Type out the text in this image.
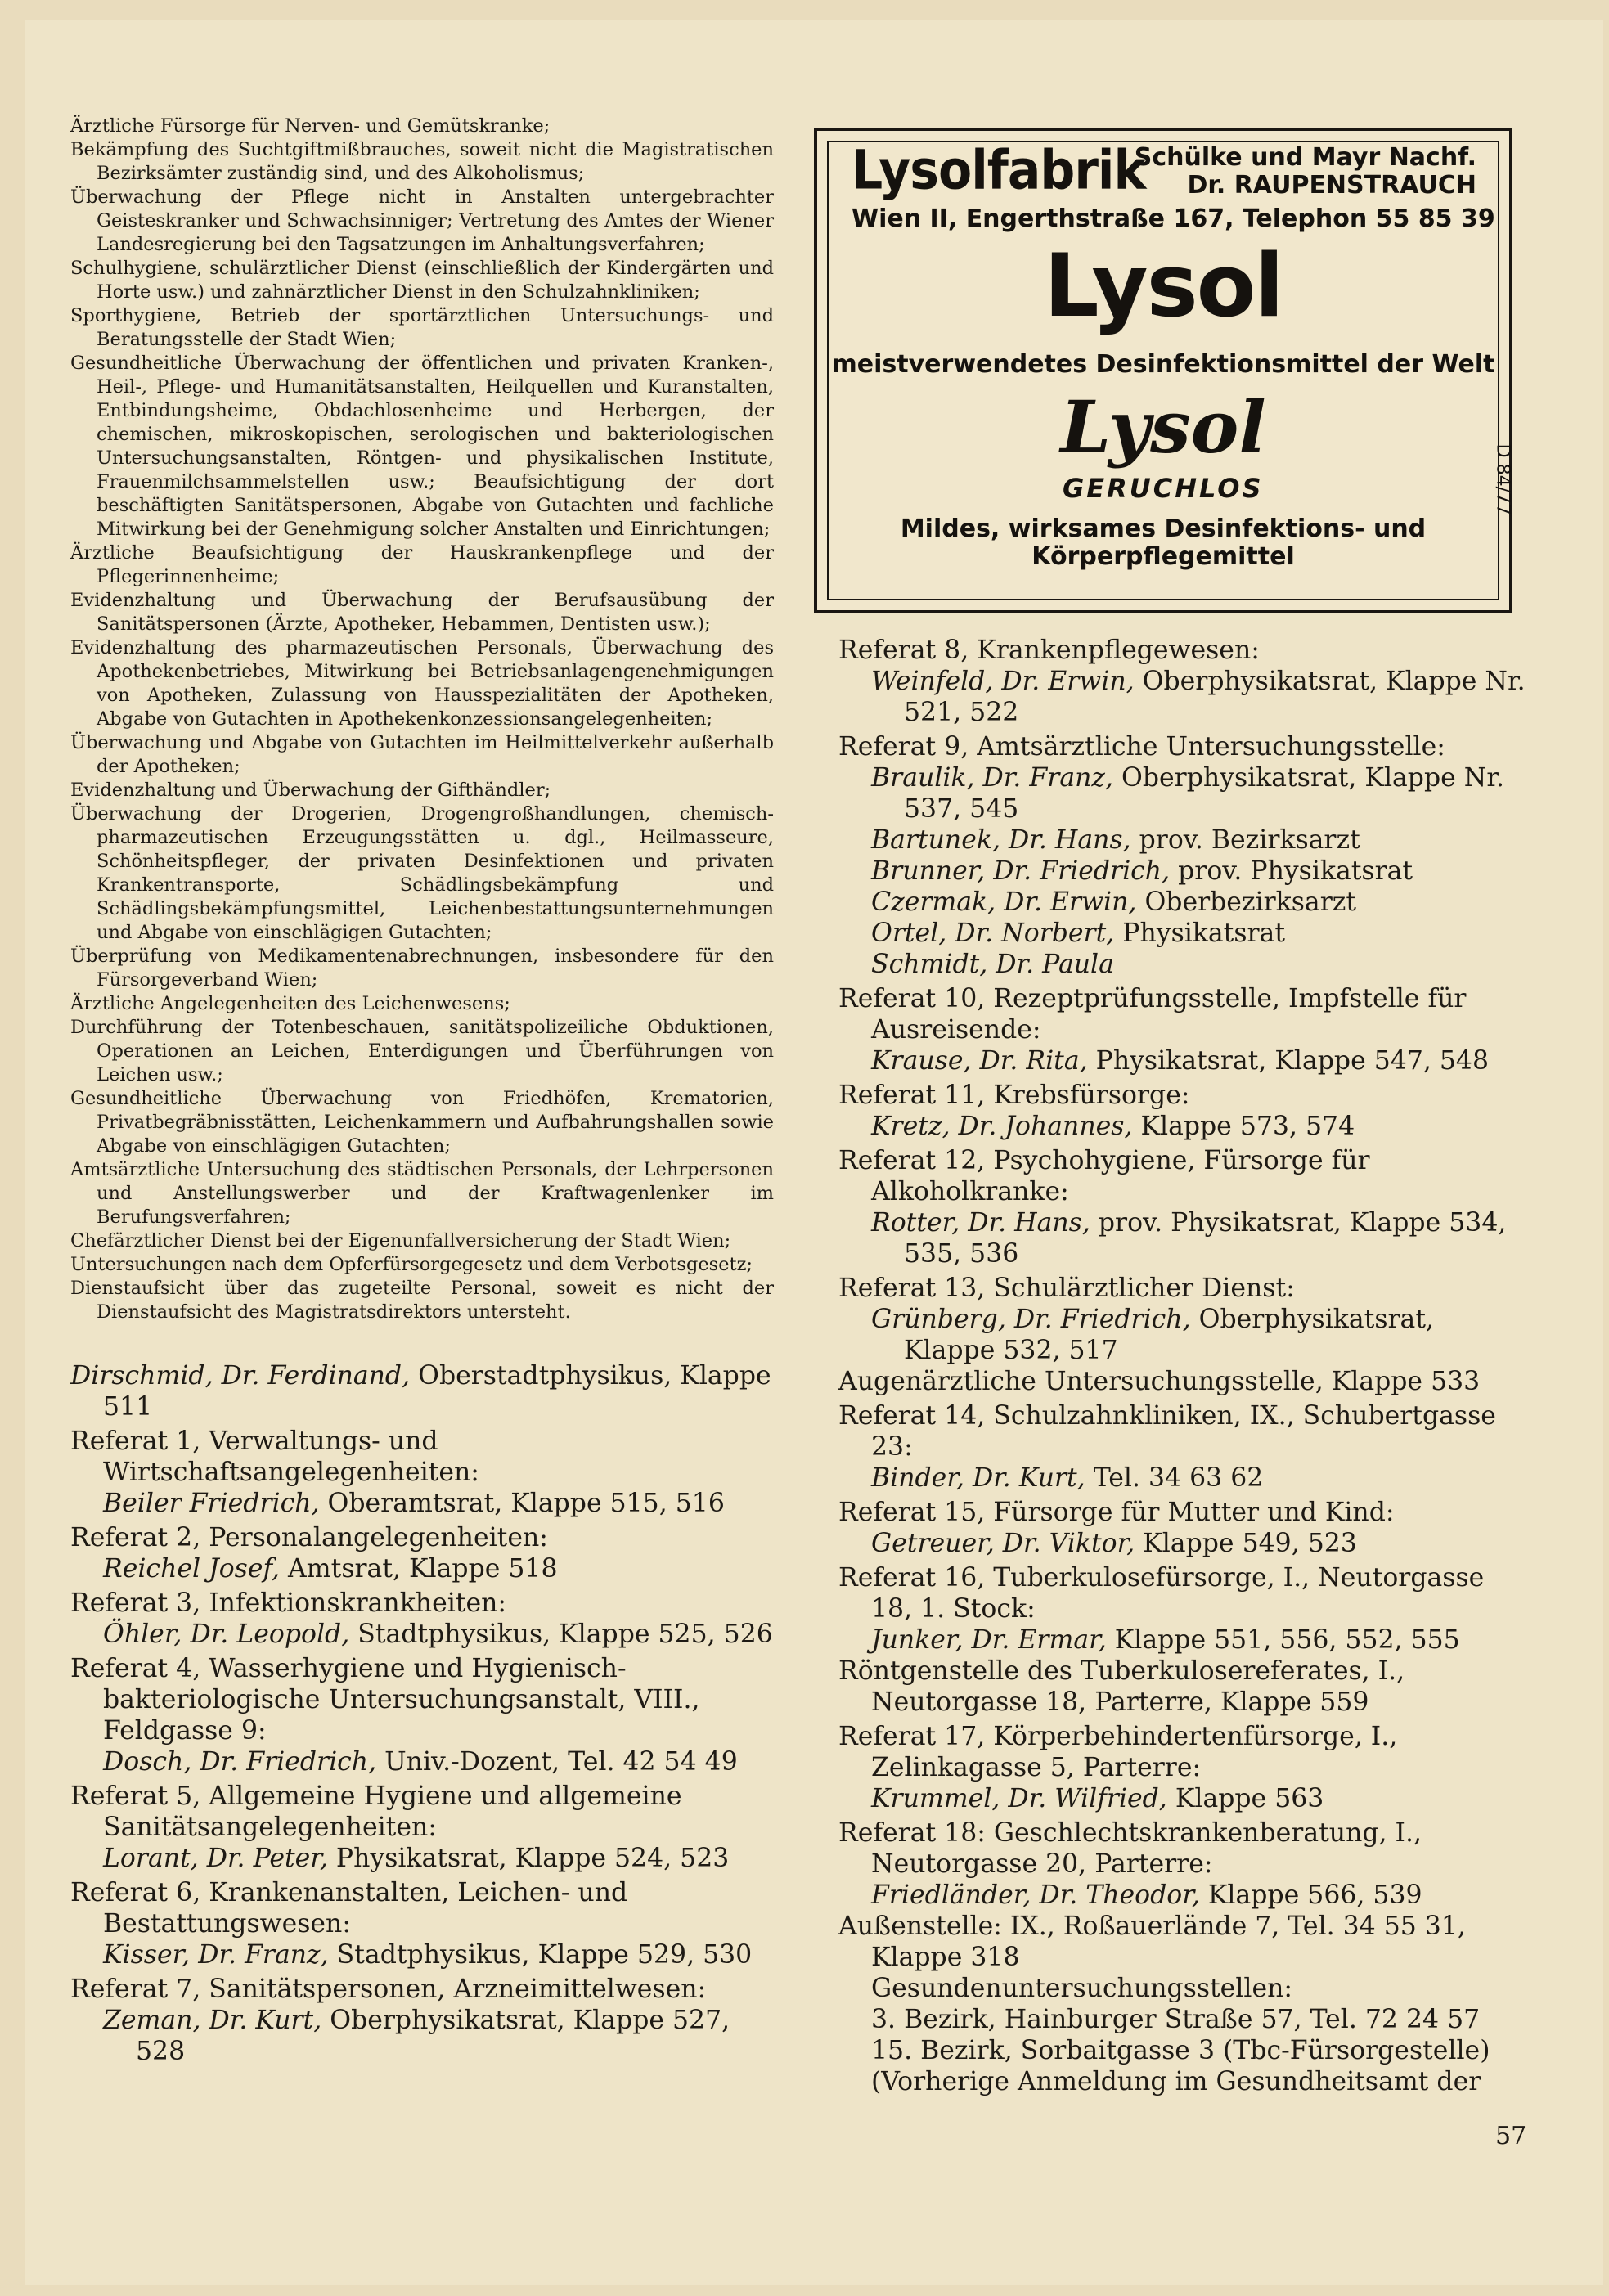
Ärztliche Fürsorge für Nerven- und Gemütskranke;

Bekämpfung des Suchtgiftmißbrauches, soweit nicht die Magistratischen Bezirksämter zuständig sind, und des Alkoholismus;

Überwachung der Pflege nicht in Anstalten untergebrachter Geisteskranker und Schwachsinniger; Vertretung des Amtes der Wiener Landesregierung bei den Tagsatzungen im Anhaltungsverfahren;

Schulhygiene, schulärztlicher Dienst (einschließlich der Kindergärten und Horte usw.) und zahnärztlicher Dienst in den Schulzahnkliniken;

Sporthygiene, Betrieb der sportärztlichen Untersuchungs- und Beratungsstelle der Stadt Wien;

Gesundheitliche Überwachung der öffentlichen und privaten Kranken-, Heil-, Pflege- und Humanitätsanstalten, Heilquellen und Kuranstalten, Entbindungsheime, Obdachlosenheime und Herbergen, der chemischen, mikroskopischen, serologischen und bakteriologischen Untersuchungsanstalten, Röntgen- und physikalischen Institute, Frauenmilchsammelstellen usw.; Beaufsichtigung der dort beschäftigten Sanitätspersonen, Abgabe von Gutachten und fachliche Mitwirkung bei der Genehmigung solcher Anstalten und Einrichtungen;

Ärztliche Beaufsichtigung der Hauskrankenpflege und der Pflegerinnenheime;

Evidenzhaltung und Überwachung der Berufsausübung der Sanitätspersonen (Ärzte, Apotheker, Hebammen, Dentisten usw.);

Evidenzhaltung des pharmazeutischen Personals, Überwachung des Apothekenbetriebes, Mitwirkung bei Betriebsanlagengenehmigungen von Apotheken, Zulassung von Hausspezialitäten der Apotheken, Abgabe von Gutachten in Apothekenkonzessionsangelegenheiten;

Überwachung und Abgabe von Gutachten im Heilmittelverkehr außerhalb der Apotheken;

Evidenzhaltung und Überwachung der Gifthändler;

Überwachung der Drogerien, Drogengroßhandlungen, chemisch-pharmazeutischen Erzeugungsstätten u. dgl., Heilmasseure, Schönheitspfleger, der privaten Desinfektionen und privaten Krankentransporte, Schädlingsbekämpfung und Schädlingsbekämpfungsmittel, Leichenbestattungsunternehmungen und Abgabe von einschlägigen Gutachten;

Überprüfung von Medikamentenabrechnungen, insbesondere für den Fürsorgeverband Wien;

Ärztliche Angelegenheiten des Leichenwesens;

Durchführung der Totenbeschauen, sanitätspolizeiliche Obduktionen, Operationen an Leichen, Enterdigungen und Überführungen von Leichen usw.;

Gesundheitliche Überwachung von Friedhöfen, Krematorien, Privatbegräbnisstätten, Leichenkammern und Aufbahrungshallen sowie Abgabe von einschlägigen Gutachten;

Amtsärztliche Untersuchung des städtischen Personals, der Lehrpersonen und Anstellungswerber und der Kraftwagenlenker im Berufungsverfahren;

Chefärztlicher Dienst bei der Eigenunfallversicherung der Stadt Wien;

Untersuchungen nach dem Opferfürsorgegesetz und dem Verbotsgesetz;

Dienstaufsicht über das zugeteilte Personal, soweit es nicht der Dienstaufsicht des Magistratsdirektors untersteht.

Dirschmid, Dr. Ferdinand, Oberstadtphysikus, Klappe 511

Referat 1, Verwaltungs- und Wirtschaftsangelegenheiten:

Beiler Friedrich, Oberamtsrat, Klappe 515, 516

Referat 2, Personalangelegenheiten:

Reichel Josef, Amtsrat, Klappe 518

Referat 3, Infektionskrankheiten:

Öhler, Dr. Leopold, Stadtphysikus, Klappe 525, 526

Referat 4, Wasserhygiene und Hygienisch-bakteriologische Untersuchungsanstalt, VIII., Feldgasse 9:

Dosch, Dr. Friedrich, Univ.-Dozent, Tel. 42 54 49

Referat 5, Allgemeine Hygiene und allgemeine Sanitätsangelegenheiten:

Lorant, Dr. Peter, Physikatsrat, Klappe 524, 523

Referat 6, Krankenanstalten, Leichen- und Bestattungswesen:

Kisser, Dr. Franz, Stadtphysikus, Klappe 529, 530

Referat 7, Sanitätspersonen, Arzneimittelwesen:

Zeman, Dr. Kurt, Oberphysikatsrat, Klappe 527, 528

Lysolfabrik
Schülke und Mayr Nachf.
Dr. RAUPENSTRAUCH
Wien II, Engerthstraße 167, Telephon 55 85 39
Lysol
meistverwendetes Desinfektionsmittel der Welt
Lysol
GERUCHLOS
Mildes, wirksames Desinfektions- und Körperpflegemittel
D 84/77

Referat 8, Krankenpflegewesen:

Weinfeld, Dr. Erwin, Oberphysikatsrat, Klappe Nr. 521, 522

Referat 9, Amtsärztliche Untersuchungsstelle:

Braulik, Dr. Franz, Oberphysikatsrat, Klappe Nr. 537, 545

Bartunek, Dr. Hans, prov. Bezirksarzt

Brunner, Dr. Friedrich, prov. Physikatsrat

Czermak, Dr. Erwin, Oberbezirksarzt

Ortel, Dr. Norbert, Physikatsrat

Schmidt, Dr. Paula

Referat 10, Rezeptprüfungsstelle, Impfstelle für Ausreisende:

Krause, Dr. Rita, Physikatsrat, Klappe 547, 548

Referat 11, Krebsfürsorge:

Kretz, Dr. Johannes, Klappe 573, 574

Referat 12, Psychohygiene, Fürsorge für Alkoholkranke:

Rotter, Dr. Hans, prov. Physikatsrat, Klappe 534, 535, 536

Referat 13, Schulärztlicher Dienst:

Grünberg, Dr. Friedrich, Oberphysikatsrat, Klappe 532, 517

Augenärztliche Untersuchungsstelle, Klappe 533

Referat 14, Schulzahnkliniken, IX., Schubertgasse 23:

Binder, Dr. Kurt, Tel. 34 63 62

Referat 15, Fürsorge für Mutter und Kind:

Getreuer, Dr. Viktor, Klappe 549, 523

Referat 16, Tuberkulosefürsorge, I., Neutorgasse 18, 1. Stock:

Junker, Dr. Ermar, Klappe 551, 556, 552, 555

Röntgenstelle des Tuberkulosereferates, I., Neutorgasse 18, Parterre, Klappe 559

Referat 17, Körperbehindertenfürsorge, I., Zelinkagasse 5, Parterre:

Krummel, Dr. Wilfried, Klappe 563

Referat 18: Geschlechtskrankenberatung, I., Neutorgasse 20, Parterre:

Friedländer, Dr. Theodor, Klappe 566, 539

Außenstelle: IX., Roßauerlände 7, Tel. 34 55 31, Klappe 318

Gesundenuntersuchungsstellen:

3. Bezirk, Hainburger Straße 57, Tel. 72 24 57

15. Bezirk, Sorbaitgasse 3 (Tbc-Fürsorgestelle)

(Vorherige Anmeldung im Gesundheitsamt der

57
